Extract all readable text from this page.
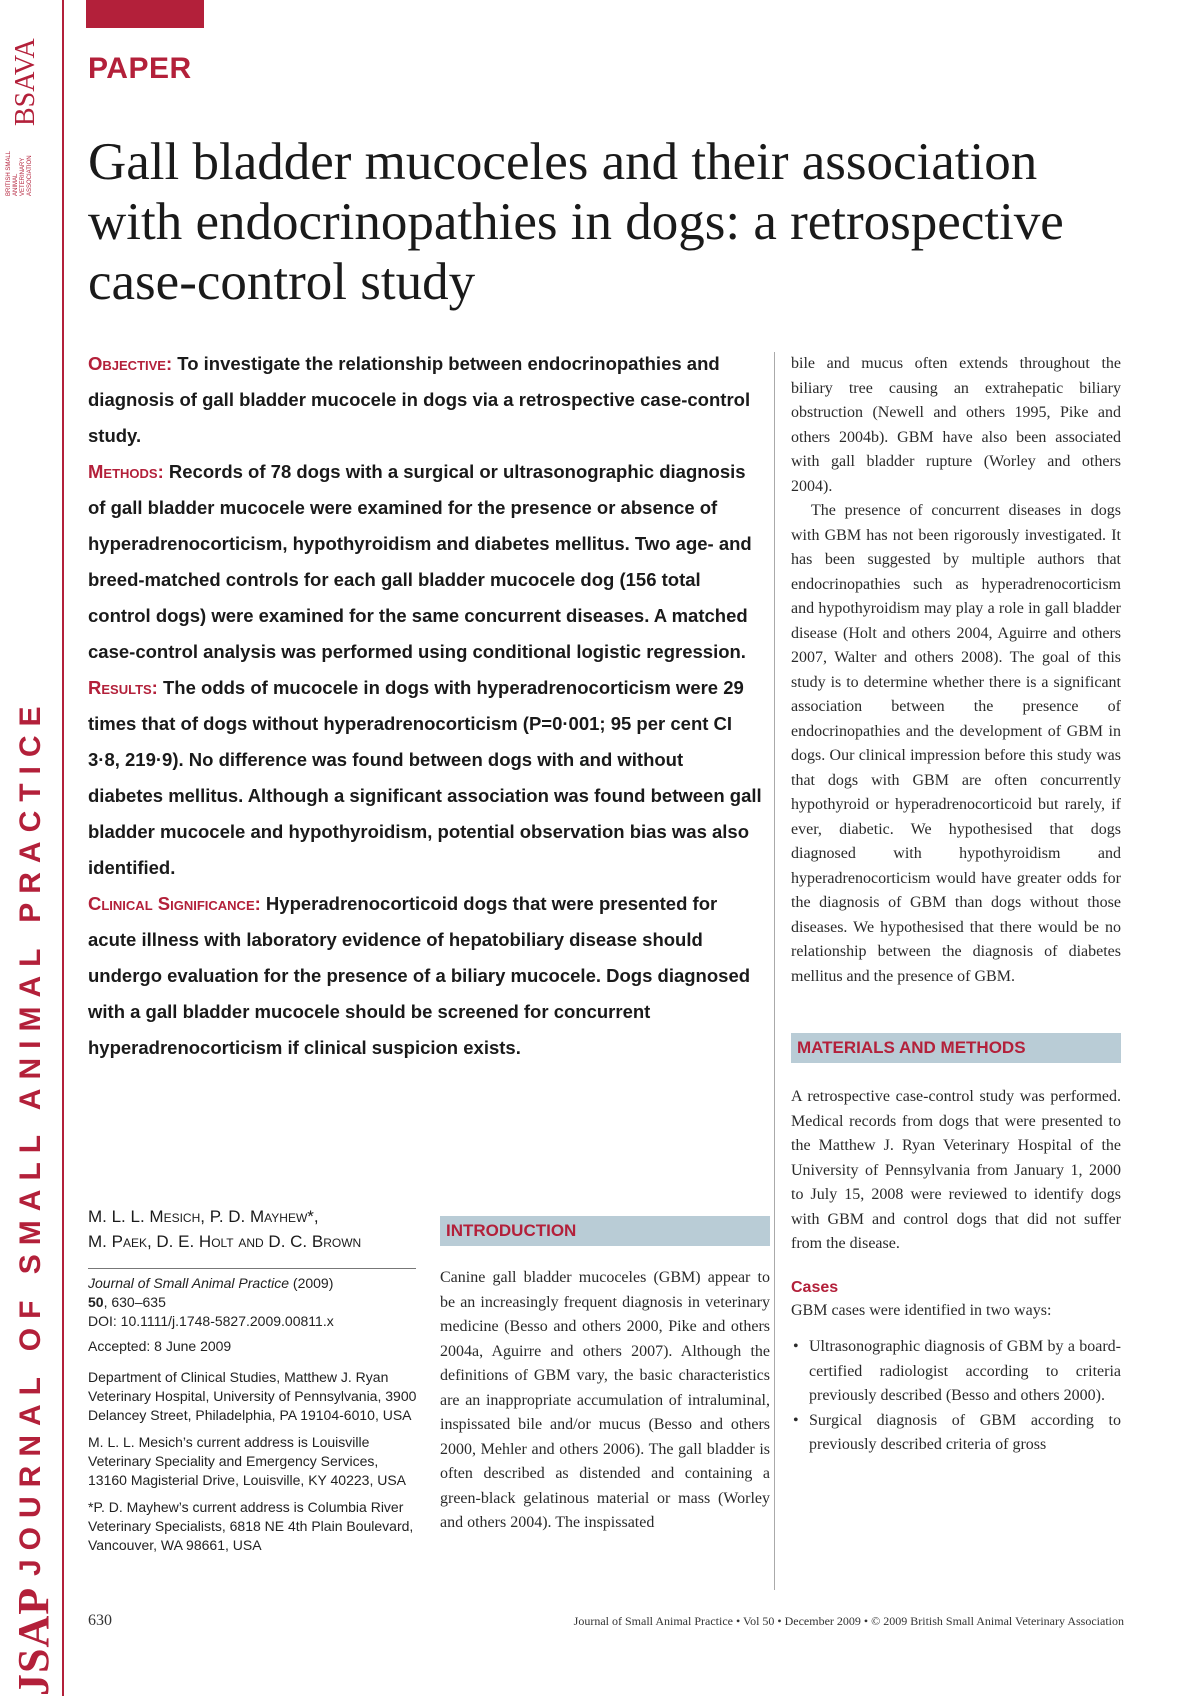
JSAP
JOURNAL OF SMALL ANIMAL PRACTICE
BRITISH SMALL ANIMAL VETERINARY ASSOCIATION
BSAVA PAPER
Gall bladder mucoceles and their association with endocrinopathies in dogs: a retrospective case-control study

Objective: To investigate the relationship between endocrinopathies and diagnosis of gall bladder mucocele in dogs via a retrospective case-control study.

Methods: Records of 78 dogs with a surgical or ultrasonographic diagnosis of gall bladder mucocele were examined for the presence or absence of hyperadrenocorticism, hypothyroidism and diabetes mellitus. Two age- and breed-matched controls for each gall bladder mucocele dog (156 total control dogs) were examined for the same concurrent diseases. A matched case-control analysis was performed using conditional logistic regression.

Results: The odds of mucocele in dogs with hyperadrenocorticism were 29 times that of dogs without hyperadrenocorticism (P=0·001; 95 per cent CI 3·8, 219·9). No difference was found between dogs with and without diabetes mellitus. Although a significant association was found between gall bladder mucocele and hypothyroidism, potential observation bias was also identified.

Clinical Significance: Hyperadrenocorticoid dogs that were presented for acute illness with laboratory evidence of hepatobiliary disease should undergo evaluation for the presence of a biliary mucocele. Dogs diagnosed with a gall bladder mucocele should be screened for concurrent hyperadrenocorticism if clinical suspicion exists.

M. L. L. Mesich, P. D. Mayhew*,
M. Paek, D. E. Holt and D. C. Brown

Journal of Small Animal Practice (2009)

50, 630–635

DOI: 10.1111/j.1748-5827.2009.00811.x

Accepted: 8 June 2009

Department of Clinical Studies, Matthew J. Ryan Veterinary Hospital, University of Pennsylvania, 3900 Delancey Street, Philadelphia, PA 19104-6010, USA

M. L. L. Mesich’s current address is Louisville Veterinary Speciality and Emergency Services, 13160 Magisterial Drive, Louisville, KY 40223, USA

*P. D. Mayhew’s current address is Columbia River Veterinary Specialists, 6818 NE 4th Plain Boulevard, Vancouver, WA 98661, USA

INTRODUCTION

Canine gall bladder mucoceles (GBM) appear to be an increasingly frequent diagnosis in veterinary medicine (Besso and others 2000, Pike and others 2004a, Aguirre and others 2007). Although the definitions of GBM vary, the basic characteristics are an inappropriate accumulation of intraluminal, inspissated bile and/or mucus (Besso and others 2000, Mehler and others 2006). The gall bladder is often described as distended and containing a green-black gelatinous material or mass (Worley and others 2004). The inspissated

bile and mucus often extends throughout the biliary tree causing an extrahepatic biliary obstruction (Newell and others 1995, Pike and others 2004b). GBM have also been associated with gall bladder rupture (Worley and others 2004).

The presence of concurrent diseases in dogs with GBM has not been rigorously investigated. It has been suggested by multiple authors that endocrinopathies such as hyperadrenocorticism and hypothyroidism may play a role in gall bladder disease (Holt and others 2004, Aguirre and others 2007, Walter and others 2008). The goal of this study is to determine whether there is a significant association between the presence of endocrinopathies and the development of GBM in dogs. Our clinical impression before this study was that dogs with GBM are often concurrently hypothyroid or hyperadrenocorticoid but rarely, if ever, diabetic. We hypothesised that dogs diagnosed with hypothyroidism and hyperadrenocorticism would have greater odds for the diagnosis of GBM than dogs without those diseases. We hypothesised that there would be no relationship between the diagnosis of diabetes mellitus and the presence of GBM.

MATERIALS AND METHODS

A retrospective case-control study was performed. Medical records from dogs that were presented to the Matthew J. Ryan Veterinary Hospital of the University of Pennsylvania from January 1, 2000 to July 15, 2008 were reviewed to identify dogs with GBM and control dogs that did not suffer from the disease.

Cases

GBM cases were identified in two ways:

• Ultrasonographic diagnosis of GBM by a board-certified radiologist according to criteria previously described (Besso and others 2000).
• Surgical diagnosis of GBM according to previously described criteria of gross
630	Journal of Small Animal Practice • Vol 50 • December 2009 • © 2009 British Small Animal Veterinary Association
